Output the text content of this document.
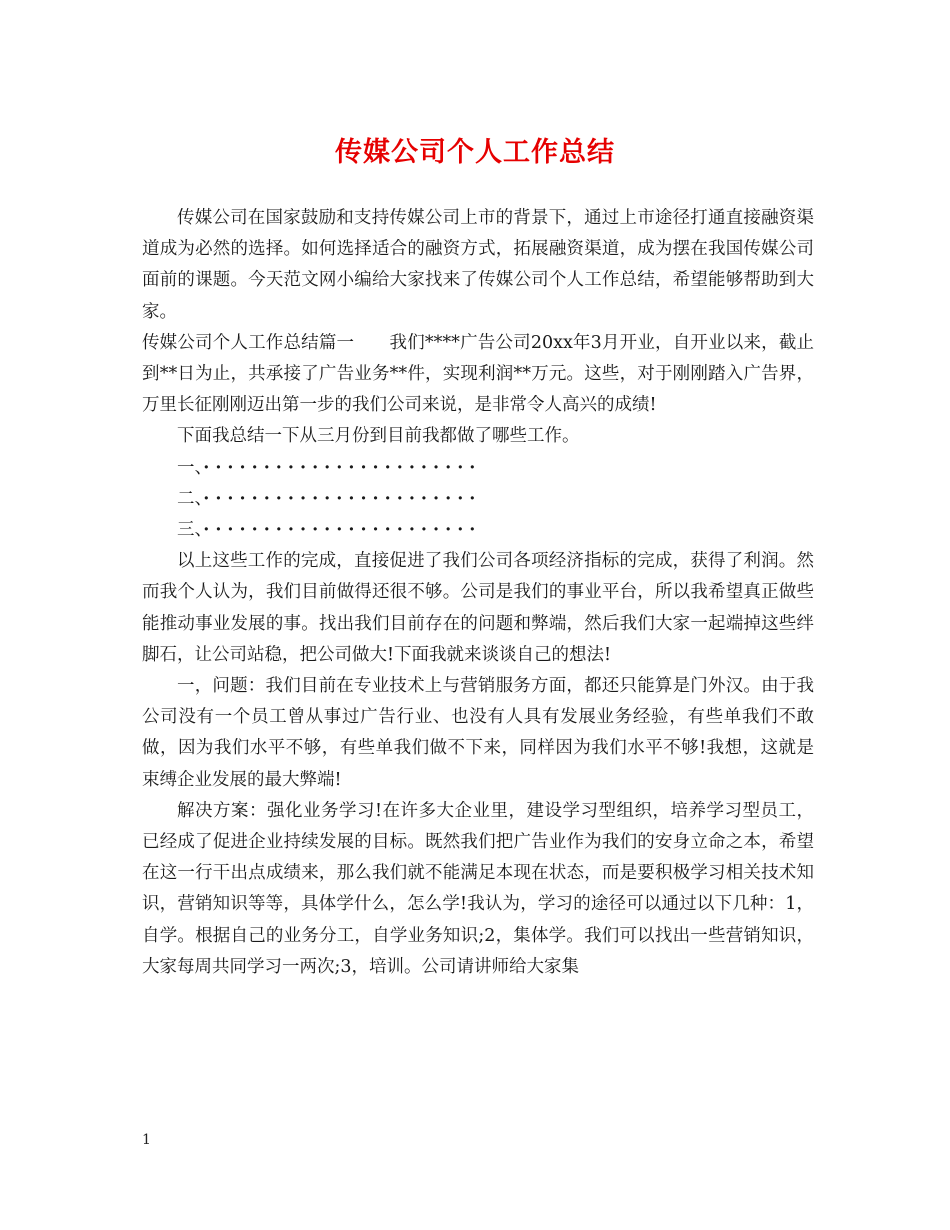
传媒公司个人工作总结

传媒公司在国家鼓励和支持传媒公司上市的背景下，通过上市途径打通直接融资渠道成为必然的选择。如何选择适合的融资方式，拓展融资渠道，成为摆在我国传媒公司面前的课题。今天范文网小编给大家找来了传媒公司个人工作总结，希望能够帮助到大家。

传媒公司个人工作总结篇一　　我们****广告公司20xx年3月开业，自开业以来，截止到**日为止，共承接了广告业务**件，实现利润**万元。这些，对于刚刚踏入广告界，万里长征刚刚迈出第一步的我们公司来说，是非常令人高兴的成绩!

下面我总结一下从三月份到目前我都做了哪些工作。

一、·······················

二、·······················

三、·······················

以上这些工作的完成，直接促进了我们公司各项经济指标的完成，获得了利润。然而我个人认为，我们目前做得还很不够。公司是我们的事业平台，所以我希望真正做些能推动事业发展的事。找出我们目前存在的问题和弊端，然后我们大家一起端掉这些绊脚石，让公司站稳，把公司做大!下面我就来谈谈自己的想法!

一，问题：我们目前在专业技术上与营销服务方面，都还只能算是门外汉。由于我公司没有一个员工曾从事过广告行业、也没有人具有发展业务经验，有些单我们不敢做，因为我们水平不够，有些单我们做不下来，同样因为我们水平不够!我想，这就是束缚企业发展的最大弊端!

解决方案：强化业务学习!在许多大企业里，建设学习型组织，培养学习型员工，已经成了促进企业持续发展的目标。既然我们把广告业作为我们的安身立命之本，希望在这一行干出点成绩来，那么我们就不能满足本现在状态，而是要积极学习相关技术知识，营销知识等等，具体学什么，怎么学!我认为，学习的途径可以通过以下几种：1，自学。根据自己的业务分工，自学业务知识;2，集体学。我们可以找出一些营销知识，大家每周共同学习一两次;3，培训。公司请讲师给大家集

1
